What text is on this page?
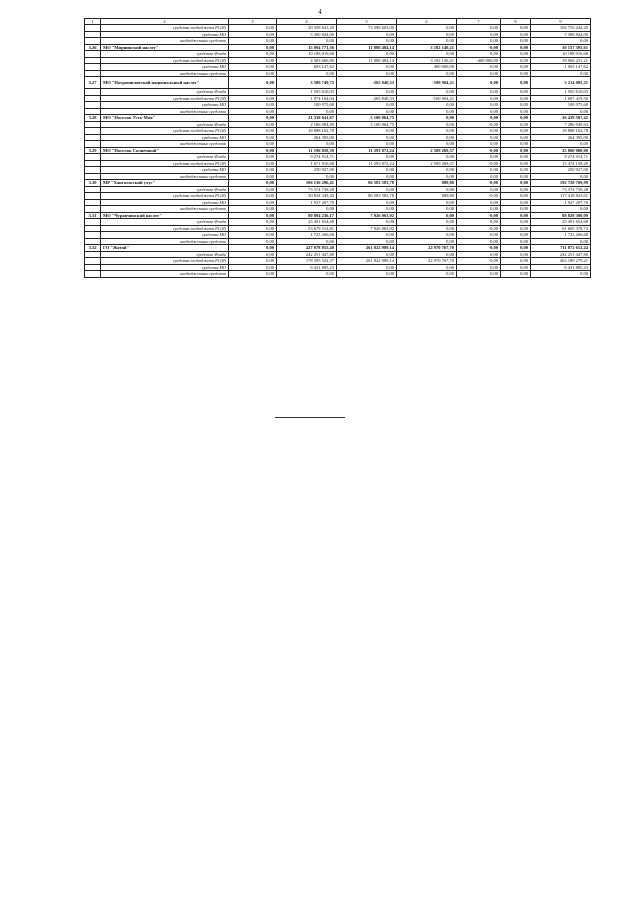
4
1	2	3	4	5	6	7	8	9
	средства госбюджета РС(Я)	0,00	29 358 641,20	73 396 603,00	0,00	0,00	0,00	102 755 244,20
	средства МО	0,00	5 300 844,00	0,00	0,00	0,00	0,00	5 300 844,00
	внебюджетные средства	0,00	0,00	0,00	0,00	0,00	0,00	0,00
3.26	МО "Мирнинский наслег"	0,00	15 094 771,36	11 880 484,14	3 182 140,21	-0,00	0,00	30 157 395,61
	средства Фонда	0,00	10 188 016,68	0,00	0,00	0,00	0,00	10 188 016,68
	средства госбюджета РС(Я)	0,00	4 303 606,86	11 880 484,14	3 182 140,21	-400 000,00	0,00	18 966 231,21
	средства МО	0,00	603 147,62	0,00	400 000,00	0,00	0,00	1 003 147,62
	внебюджетные средства	0,00	0,00	0,00	0,00	0,00	0,00	0,00
3.27	МО "Потрошиловский национальный наслег"	0,00	3 580 749,75	-265 840,33	-100 904,21	0,00	0,00	3 214 005,21
	средства Фонда	0,00	1 505 610,03	0,00	0,00	0,00	0,00	1 505 610,03
	средства госбюджета РС(Я)	0,00	1 974 164,04	-265 840,33	-100 904,21	0,00	0,00	1 607 419,50
	средства МО	0,00	100 975,68	0,00	0,00	0,00	0,00	100 975,68
	внебюджетные средства	0,00	0,00	0,00	0,00	0,00	0,00	0,00
3.28	МО "Поселок Усть-Мая"	0,00	21 338 641,67	5 100 864,75	0,00	0,00	0,00	26 439 507,42
	средства Фонда	0,00	2 186 084,89	5 100 864,75	0,00	-0,00	0,00	7 286 949,64
	средства госбюджета РС(Я)	0,00	18 888 162,78	0,00	0,00	0,00	0,00	18 888 162,78
	средства МО	0,00	264 395,00	0,00	0,00	0,00	0,00	264 395,00
	внебюджетные средства	0,00	0,00	0,00	0,00	0,00	0,00	0,00
3.29	МО "Поселок Солнечный"	0,00	11 196 858,39	11 293 872,24	2 509 269,37	-0,00	0,00	25 000 000,00
	средства Фонда	0,00	9 274 914,71	0,00	0,00	0,00	0,00	9 274 914,71
	средства госбюджета РС(Я)	0,00	1 671 016,68	11 293 872,24	2 509 269,37	-0,00	0,00	15 474 158,29
	средства МО	0,00	250 927,00	0,00	0,00	0,00	0,00	250 927,00
	внебюджетные средства	0,00	0,00	0,00	0,00	0,00	0,00	0,00
3.30	МР "Хангаласский улус"	0,00	106 136 296,41	86 583 583,78	889,80	-0,00	0,00	192 720 769,99
	средства Фонда	0,00	73 374 739,28	0,00	0,00	0,00	0,00	73 374 739,28
	средства госбюджета РС(Я)	0,00	30 834 349,43	86 583 583,78	889,80	-0,00	0,00	117 418 823,01
	средства МО	0,00	1 927 207,70	0,00	0,00	0,00	0,00	1 927 207,70
	внебюджетные средства	0,00	0,00	0,00	0,00	0,00	0,00	0,00
3.31	МО "Чурапчинский наслег"	0,00	80 894 236,17	7 926 063,92	0,00	-0,00	0,00	88 820 300,09
	средства Фонда	0,00	25 491 654,68	0,00	0,00	0,00	0,00	25 491 654,68
	средства госбюджета РС(Я)	0,00	53 679 314,81	7 926 063,92	0,00	-0,00	0,00	61 605 378,73
	средства МО	0,00	1 723 266,68	0,00	0,00	0,00	0,00	1 723 266,68
	внебюджетные средства	0,00	0,00	0,00	0,00	0,00	0,00	0,00
3.32	ГО "Жатай"	0,00	427 078 855,40	261 822 989,14	22 970 767,70	-0,00	0,00	711 872 612,24
	средства Фонда	0,00	242 251 447,80	0,00	0,00	0,00	0,00	242 251 447,80
	средства госбюджета РС(Я)	0,00	178 395 522,37	261 822 989,14	22 970 767,70	-0,00	0,00	463 189 279,21
	средства МО	0,00	6 431 885,23	0,00	0,00	0,00	0,00	6 431 885,23
	внебюджетные средства	0,00	0,00	0,00	0,00	0,00	0,00	0,00
